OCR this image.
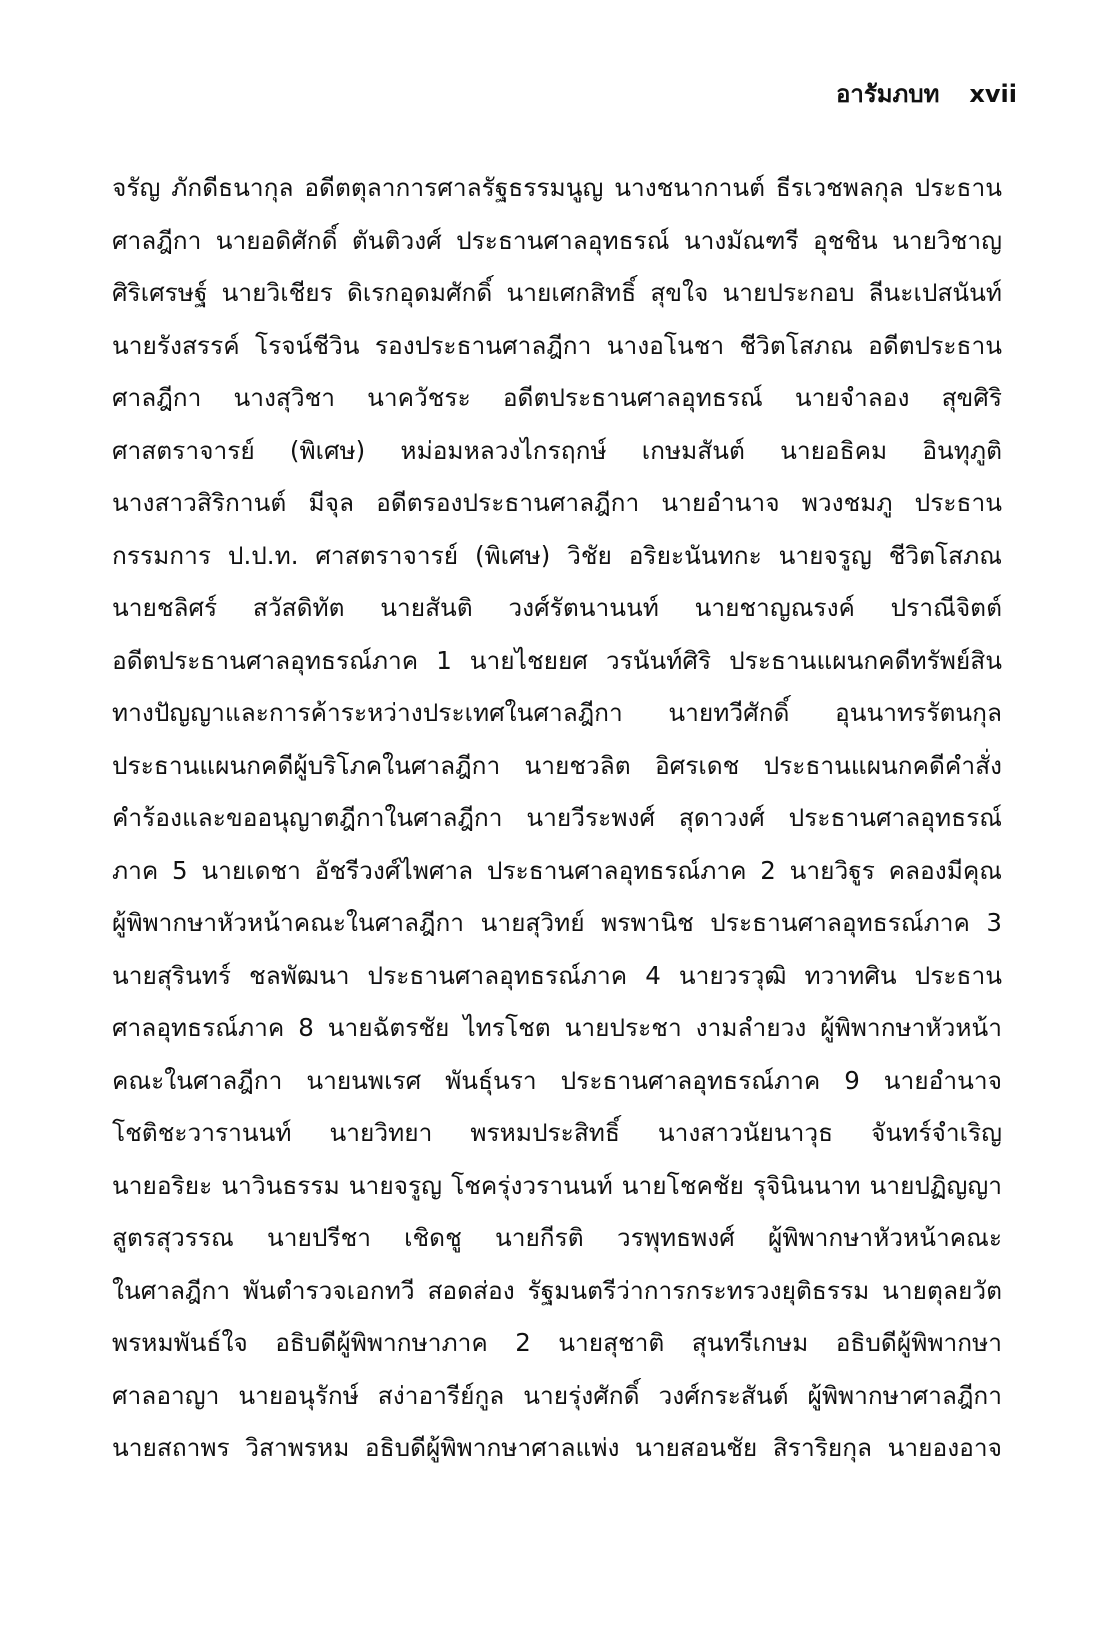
อารัมภบท xvii
จรัญ ภักดีธนากุล อดีตตุลาการศาลรัฐธรรมนูญ นางชนากานต์ ธีรเวชพลกุล ประธาน
ศาลฎีกา นายอดิศักดิ์ ตันติวงศ์ ประธานศาลอุทธรณ์ นางมัณฑรี อุชชิน นายวิชาญ
ศิริเศรษฐ์ นายวิเชียร ดิเรกอุดมศักดิ์ นายเศกสิทธิ์ สุขใจ นายประกอบ ลีนะเปสนันท์
นายรังสรรค์ โรจน์ชีวิน รองประธานศาลฎีกา นางอโนชา ชีวิตโสภณ อดีตประธาน
ศาลฎีกา นางสุวิชา นาควัชระ อดีตประธานศาลอุทธรณ์ นายจำลอง สุขศิริ
ศาสตราจารย์ (พิเศษ) หม่อมหลวงไกรฤกษ์ เกษมสันต์ นายอธิคม อินทุภูติ
นางสาวสิริกานต์ มีจุล อดีตรองประธานศาลฎีกา นายอำนาจ พวงชมภู ประธาน
กรรมการ ป.ป.ท. ศาสตราจารย์ (พิเศษ) วิชัย อริยะนันทกะ นายจรูญ ชีวิตโสภณ
นายชลิศร์ สวัสดิทัต นายสันติ วงศ์รัตนานนท์ นายชาญณรงค์ ปราณีจิตต์
อดีตประธานศาลอุทธรณ์ภาค 1 นายไชยยศ วรนันท์ศิริ ประธานแผนกคดีทรัพย์สิน
ทางปัญญาและการค้าระหว่างประเทศในศาลฎีกา นายทวีศักดิ์ อุนนาทรรัตนกุล
ประธานแผนกคดีผู้บริโภคในศาลฎีกา นายชวลิต อิศรเดช ประธานแผนกคดีคำสั่ง
คำร้องและขออนุญาตฎีกาในศาลฎีกา นายวีระพงศ์ สุดาวงศ์ ประธานศาลอุทธรณ์
ภาค 5 นายเดชา อัชรีวงศ์ไพศาล ประธานศาลอุทธรณ์ภาค 2 นายวิฐูร คลองมีคุณ
ผู้พิพากษาหัวหน้าคณะในศาลฎีกา นายสุวิทย์ พรพานิช ประธานศาลอุทธรณ์ภาค 3
นายสุรินทร์ ชลพัฒนา ประธานศาลอุทธรณ์ภาค 4 นายวรวุฒิ ทวาทศิน ประธาน
ศาลอุทธรณ์ภาค 8 นายฉัตรชัย ไทรโชต นายประชา งามลำยวง ผู้พิพากษาหัวหน้า
คณะในศาลฎีกา นายนพเรศ พันธุ์นรา ประธานศาลอุทธรณ์ภาค 9 นายอำนาจ
โชติชะวารานนท์ นายวิทยา พรหมประสิทธิ์ นางสาวนัยนาวุธ จันทร์จำเริญ
นายอริยะ นาวินธรรม นายจรูญ โชครุ่งวรานนท์ นายโชคชัย รุจินินนาท นายปฏิญญา
สูตรสุวรรณ นายปรีชา เชิดชู นายกีรติ วรพุทธพงศ์ ผู้พิพากษาหัวหน้าคณะ
ในศาลฎีกา พันตำรวจเอกทวี สอดส่อง รัฐมนตรีว่าการกระทรวงยุติธรรม นายตุลยวัต
พรหมพันธ์ใจ อธิบดีผู้พิพากษาภาค 2 นายสุชาติ สุนทรีเกษม อธิบดีผู้พิพากษา
ศาลอาญา นายอนุรักษ์ สง่าอารีย์กูล นายรุ่งศักดิ์ วงศ์กระสันต์ ผู้พิพากษาศาลฎีกา
นายสถาพร วิสาพรหม อธิบดีผู้พิพากษาศาลแพ่ง นายสอนชัย สิราริยกุล นายองอาจ
